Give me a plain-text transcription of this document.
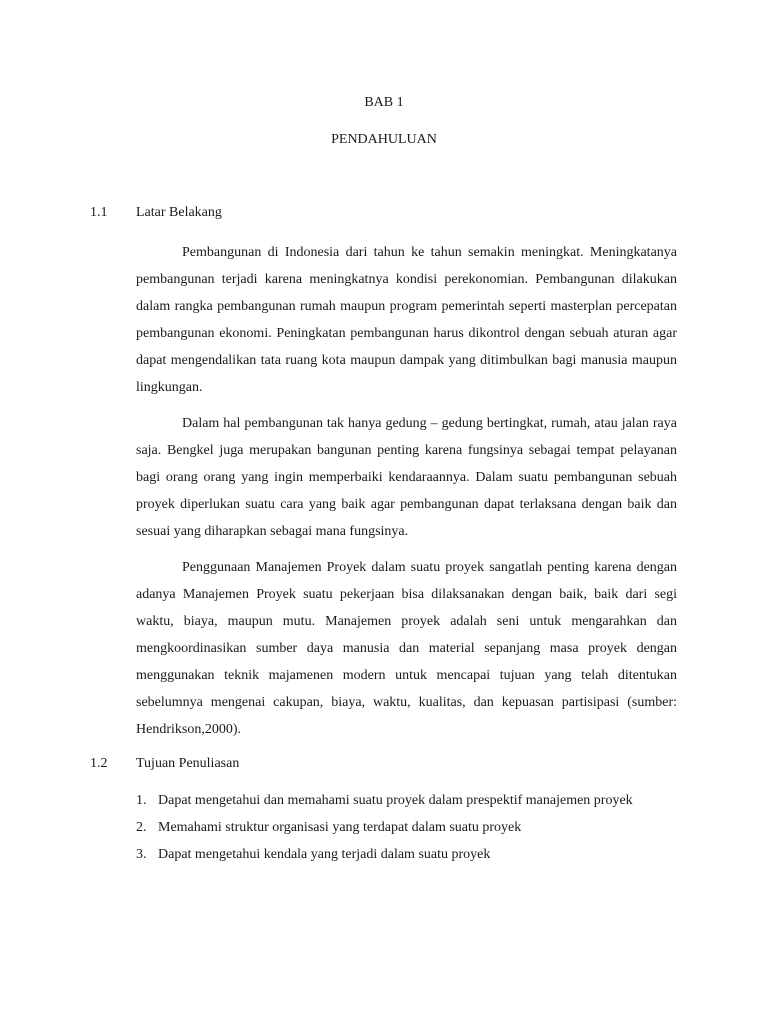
BAB 1
PENDAHULUAN
1.1 Latar Belakang

Pembangunan di Indonesia dari tahun ke tahun semakin meningkat. Meningkatanya pembangunan terjadi karena meningkatnya kondisi perekonomian. Pembangunan dilakukan dalam rangka pembangunan rumah maupun program pemerintah seperti masterplan percepatan pembangunan ekonomi. Peningkatan pembangunan harus dikontrol dengan sebuah aturan agar dapat mengendalikan tata ruang kota maupun dampak yang ditimbulkan bagi manusia maupun lingkungan.

Dalam hal pembangunan tak hanya gedung – gedung bertingkat, rumah, atau jalan raya saja. Bengkel juga merupakan bangunan penting karena fungsinya sebagai tempat pelayanan bagi orang orang yang ingin memperbaiki kendaraannya. Dalam suatu pembangunan sebuah proyek diperlukan suatu cara yang baik agar pembangunan dapat terlaksana dengan baik dan sesuai yang diharapkan sebagai mana fungsinya.

Penggunaan Manajemen Proyek dalam suatu proyek sangatlah penting karena dengan adanya Manajemen Proyek suatu pekerjaan bisa dilaksanakan dengan baik, baik dari segi waktu, biaya, maupun mutu. Manajemen proyek adalah seni untuk mengarahkan dan mengkoordinasikan sumber daya manusia dan material sepanjang masa proyek dengan menggunakan teknik majamenen modern untuk mencapai tujuan yang telah ditentukan sebelumnya mengenai cakupan, biaya, waktu, kualitas, dan kepuasan partisipasi (sumber: Hendrikson,2000).

1.2 Tujuan Penuliasan
1. Dapat mengetahui dan memahami suatu proyek dalam prespektif manajemen proyek
2. Memahami struktur organisasi yang terdapat dalam suatu proyek
3. Dapat mengetahui kendala yang terjadi dalam suatu proyek
